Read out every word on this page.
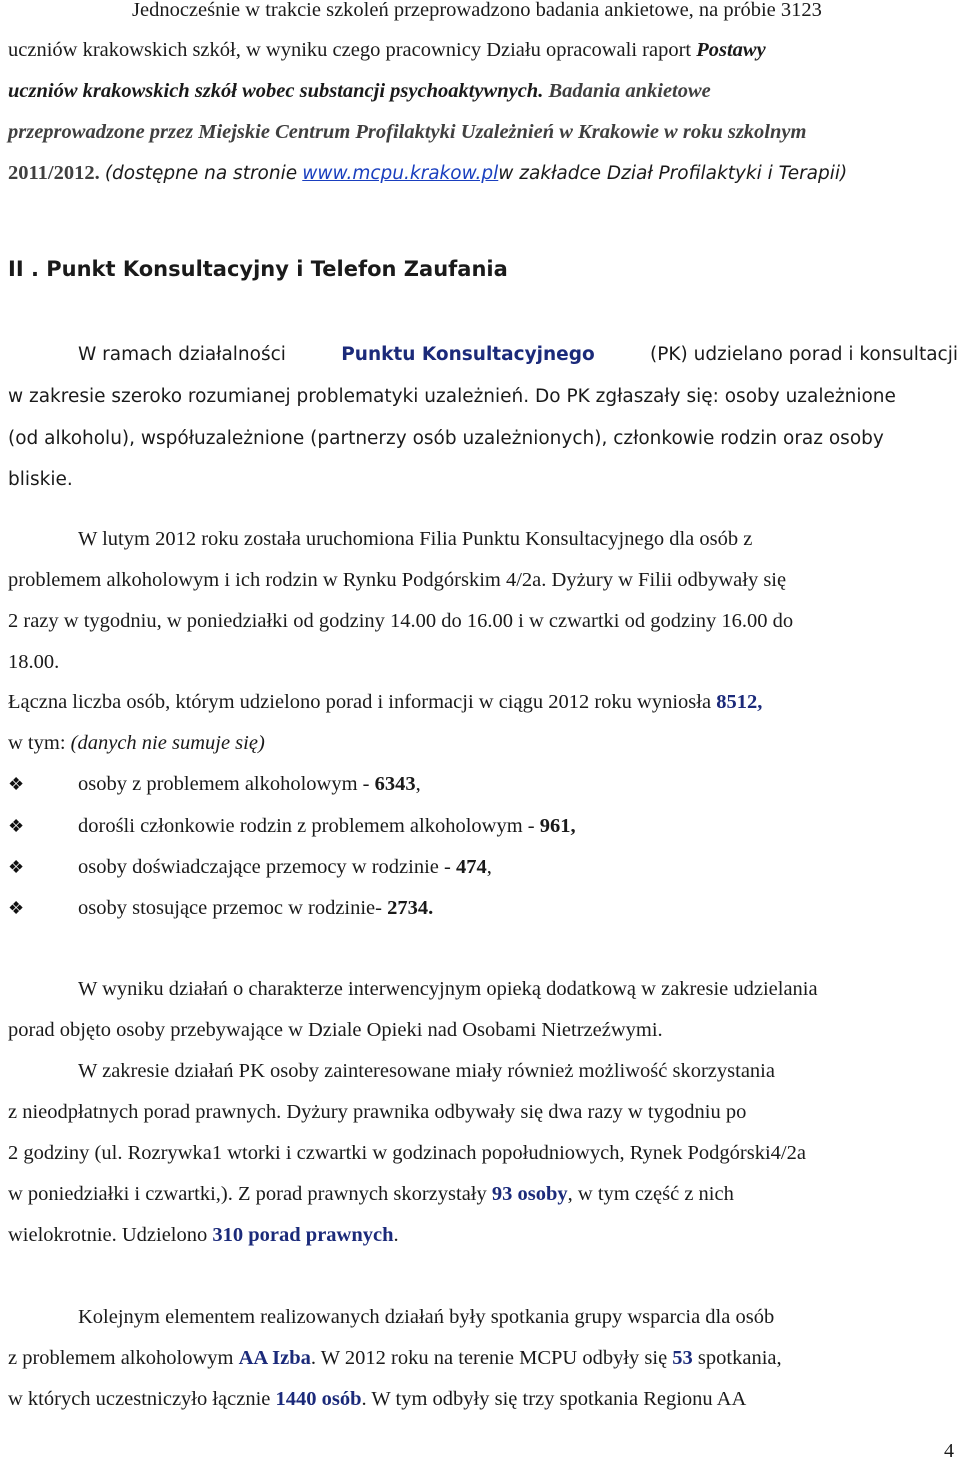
Jednocześnie w trakcie szkoleń przeprowadzono badania ankietowe, na próbie 3123
uczniów krakowskich szkół, w wyniku czego pracownicy Działu opracowali raport Postawy
uczniów krakowskich szkół wobec substancji psychoaktywnych. Badania ankietowe
przeprowadzone przez Miejskie Centrum Profilaktyki Uzależnień w Krakowie w roku szkolnym
2011/2012. (dostępne na stronie www.mcpu.krakow.plw zakładce Dział Profilaktyki i Terapii)
II . Punkt Konsultacyjny i Telefon Zaufania
W ramach działalności	Punktu Konsultacyjnego	(PK) udzielano porad i konsultacji
w zakresie szeroko rozumianej problematyki uzależnień. Do PK zgłaszały się: osoby uzależnione
(od alkoholu), współuzależnione (partnerzy osób uzależnionych), członkowie rodzin oraz osoby
bliskie.
W lutym 2012 roku została uruchomiona Filia Punktu Konsultacyjnego dla osób z
problemem alkoholowym i ich rodzin w Rynku Podgórskim 4/2a. Dyżury w Filii odbywały się
2 razy w tygodniu, w poniedziałki od godziny 14.00 do 16.00 i w czwartki od godziny 16.00 do
18.00.
Łączna liczba osób, którym udzielono porad i informacji w ciągu 2012 roku wyniosła 8512,
w tym: (danych nie sumuje się)
❖	osoby z problemem alkoholowym - 6343,
❖	dorośli członkowie rodzin z problemem alkoholowym - 961,
❖	osoby doświadczające przemocy w rodzinie - 474,
❖	osoby stosujące przemoc w rodzinie- 2734.
W wyniku działań o charakterze interwencyjnym opieką dodatkową w zakresie udzielania
porad objęto osoby przebywające w Dziale Opieki nad Osobami Nietrzeźwymi.
W zakresie działań PK osoby zainteresowane miały również możliwość skorzystania
z nieodpłatnych porad prawnych. Dyżury prawnika odbywały się dwa razy w tygodniu po
2 godziny (ul. Rozrywka1 wtorki i czwartki w godzinach popołudniowych, Rynek Podgórski4/2a
w poniedziałki i czwartki,). Z porad prawnych skorzystały 93 osoby, w tym część z nich
wielokrotnie. Udzielono 310 porad prawnych.
Kolejnym elementem realizowanych działań były spotkania grupy wsparcia dla osób
z problemem alkoholowym AA Izba. W 2012 roku na terenie MCPU odbyły się 53 spotkania,
w których uczestniczyło łącznie 1440 osób. W tym odbyły się trzy spotkania Regionu AA
4
